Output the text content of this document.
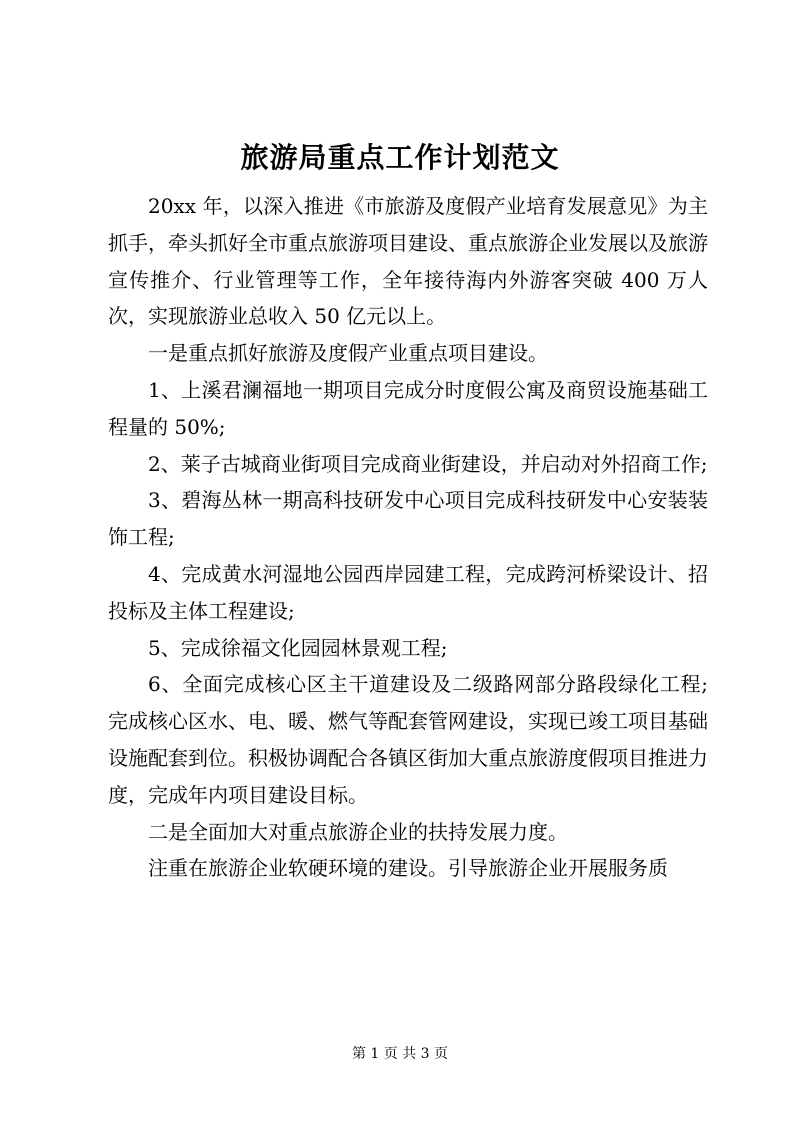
旅游局重点工作计划范文

20xx 年，以深入推进《市旅游及度假产业培育发展意见》为主抓手，牵头抓好全市重点旅游项目建设、重点旅游企业发展以及旅游宣传推介、行业管理等工作，全年接待海内外游客突破 400 万人次，实现旅游业总收入 50 亿元以上。

一是重点抓好旅游及度假产业重点项目建设。

1、上溪君澜福地一期项目完成分时度假公寓及商贸设施基础工程量的 50%;

2、莱子古城商业街项目完成商业街建设，并启动对外招商工作;

3、碧海丛林一期高科技研发中心项目完成科技研发中心安装装饰工程;

4、完成黄水河湿地公园西岸园建工程，完成跨河桥梁设计、招投标及主体工程建设;

5、完成徐福文化园园林景观工程;

6、全面完成核心区主干道建设及二级路网部分路段绿化工程; 完成核心区水、电、暖、燃气等配套管网建设，实现已竣工项目基础设施配套到位。积极协调配合各镇区街加大重点旅游度假项目推进力度，完成年内项目建设目标。

二是全面加大对重点旅游企业的扶持发展力度。

注重在旅游企业软硬环境的建设。引导旅游企业开展服务质

第 1 页 共 3 页
